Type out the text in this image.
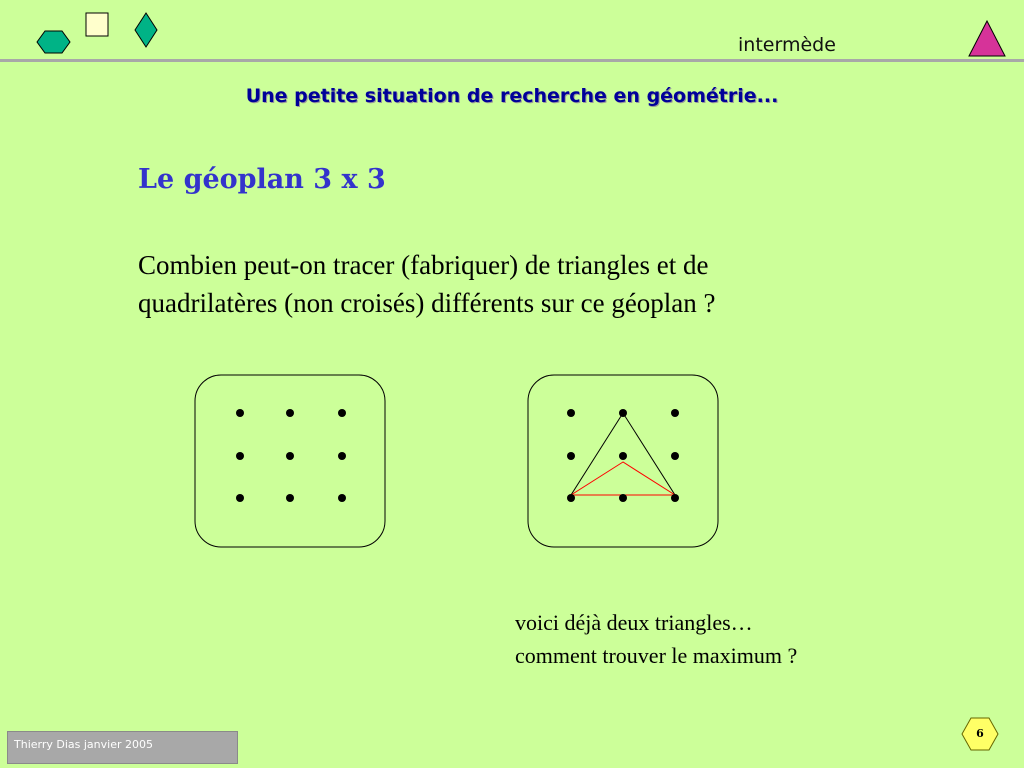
intermède
Une petite situation de recherche en géométrie...
Le géoplan 3 x 3
Combien peut-on tracer (fabriquer) de triangles et de
quadrilatères (non croisés) différents sur ce géoplan ?
voici déjà deux triangles…
comment trouver le maximum ?
Thierry Dias janvier 2005
6
